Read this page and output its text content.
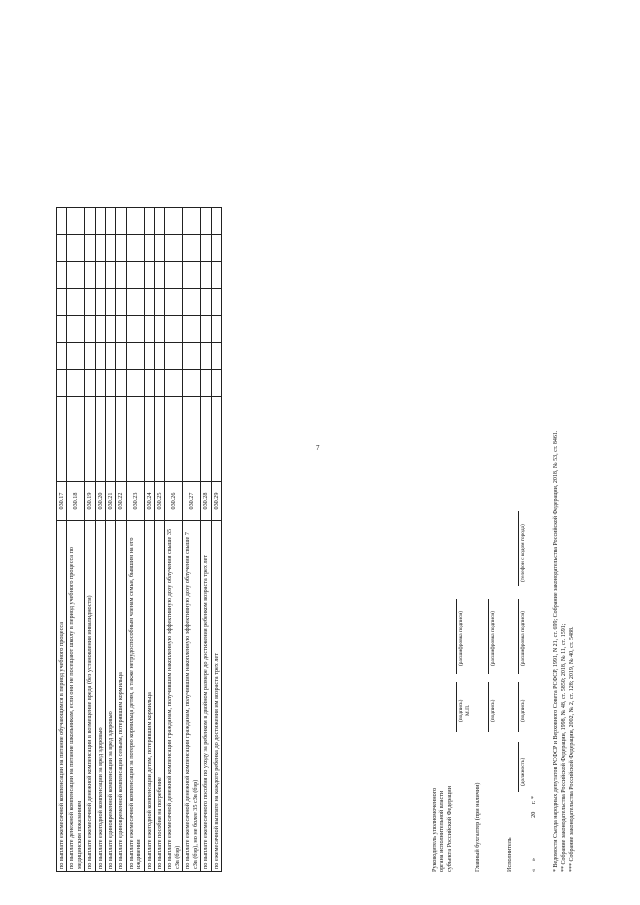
7
по выплате ежемесячной компенсации на питание обучающимся в период учебного процесса	030.17								
по выплате денежной компенсации на питание школьникам, если они не посещают школу в период учебного процесса по медицинским показаниям	030.18								
по выплате ежемесячной денежной компенсации в возмещение вреда (без установления инвалидности)	030.19								
по выплате ежегодной компенсации за вред здоровью	030.20								
по выплате единовременной компенсации за вред здоровью	030.21								
по выплате единовременной компенсации семьям, потерявшим кормильца	030.22								
по выплате ежемесячной компенсации за потерю кормильца детям, а также нетрудоспособным членам семьи, бывшим на его иждивении	030.23								
по выплате ежегодной компенсации детям, потерявшим кормильца	030.24								
по выплате пособия на погребение	030.25								
по выплате ежемесячной денежной компенсации гражданам, получившим накопленную эффективную дозу облучения свыше 35 сЗв (бэр)	030.26								
по выплате ежемесячной денежной компенсации гражданам, получившим накопленную эффективную дозу облучения свыше 7 сЗв (бэр), но не более 35 сЗв (бэр)	030.27								
по выплате ежемесячного пособия по уходу за ребенком в двойном размере до достижения ребенком возраста трех лет	030.28								
по ежемесячной выплате на каждого ребенка до достижения им возраста трех лет	030.29								
Руководитель уполномоченного органа исполнительной власти субъекта Российской Федерации
(подпись)
(расшифровка подписи)
М.П.
Главный бухгалтер (при наличии)
(подпись)
(расшифровка подписи)
Исполнитель
(должность)
(подпись)
(расшифровка подписи)
(телефон с кодом города)
«     »                          20     г. *	* Ведомости Съезда народных депутатов РСФСР и Верховного Совета РСФСР, 1991, N 21, ст. 699; Собрание законодательства Российской Федерации, 2018, № 53, ст. 8461. ** Собрание законодательства Российской Федерации, 1998, № 48, ст. 5850; 2018, № 11, ст. 1591; *** Собрание законодательства Российской Федерации, 2002, № 2, ст. 128; 2019, № 40, ст. 5488.
